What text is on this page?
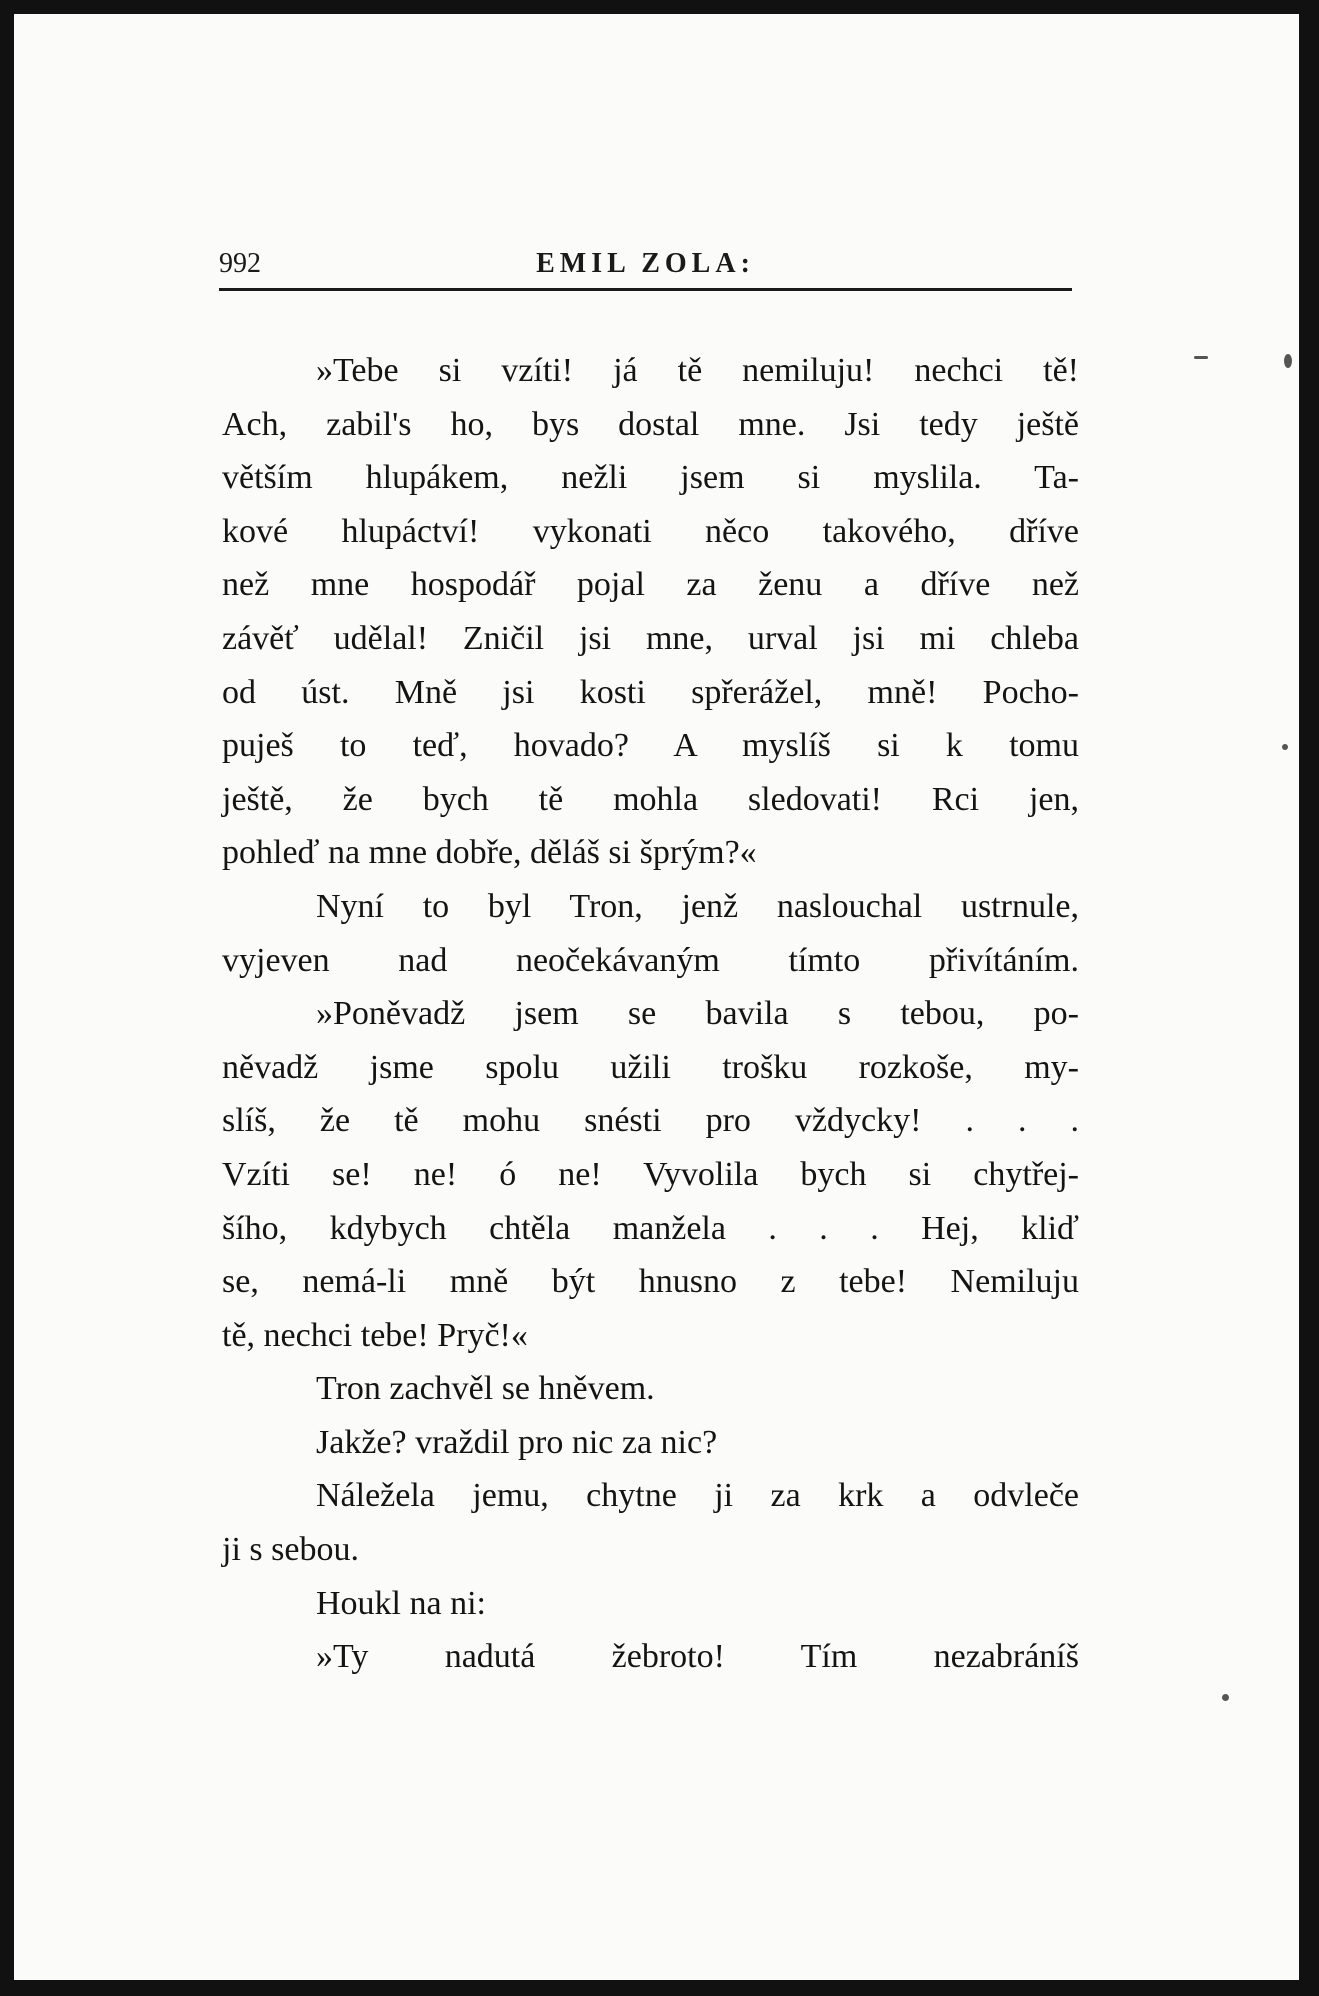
992	EMIL ZOLA:
»Tebe si vzíti! já tě nemiluju! nechci tě!
Ach, zabil's ho, bys dostal mne. Jsi tedy ještě
větším hlupákem, nežli jsem si myslila. Ta-
kové hlupáctví! vykonati něco takového, dříve
než mne hospodář pojal za ženu a dříve než
závěť udělal! Zničil jsi mne, urval jsi mi chleba
od úst. Mně jsi kosti spřerážel, mně! Pocho-
puješ to teď, hovado? A myslíš si k tomu
ještě, že bych tě mohla sledovati! Rci jen,
pohleď na mne dobře, děláš si šprým?«
Nyní to byl Tron, jenž naslouchal ustrnule,
vyjeven nad neočekávaným tímto přivítáním.
»Poněvadž jsem se bavila s tebou, po-
něvadž jsme spolu užili trošku rozkoše, my-
slíš, že tě mohu snésti pro vždycky! . . .
Vzíti se! ne! ó ne! Vyvolila bych si chytřej-
šího, kdybych chtěla manžela . . . Hej, kliď
se, nemá-li mně být hnusno z tebe! Nemiluju
tě, nechci tebe! Pryč!«
Tron zachvěl se hněvem.
Jakže? vraždil pro nic za nic?
Náležela jemu, chytne ji za krk a odvleče
ji s sebou.
Houkl na ni:
»Ty nadutá žebroto! Tím nezabráníš
